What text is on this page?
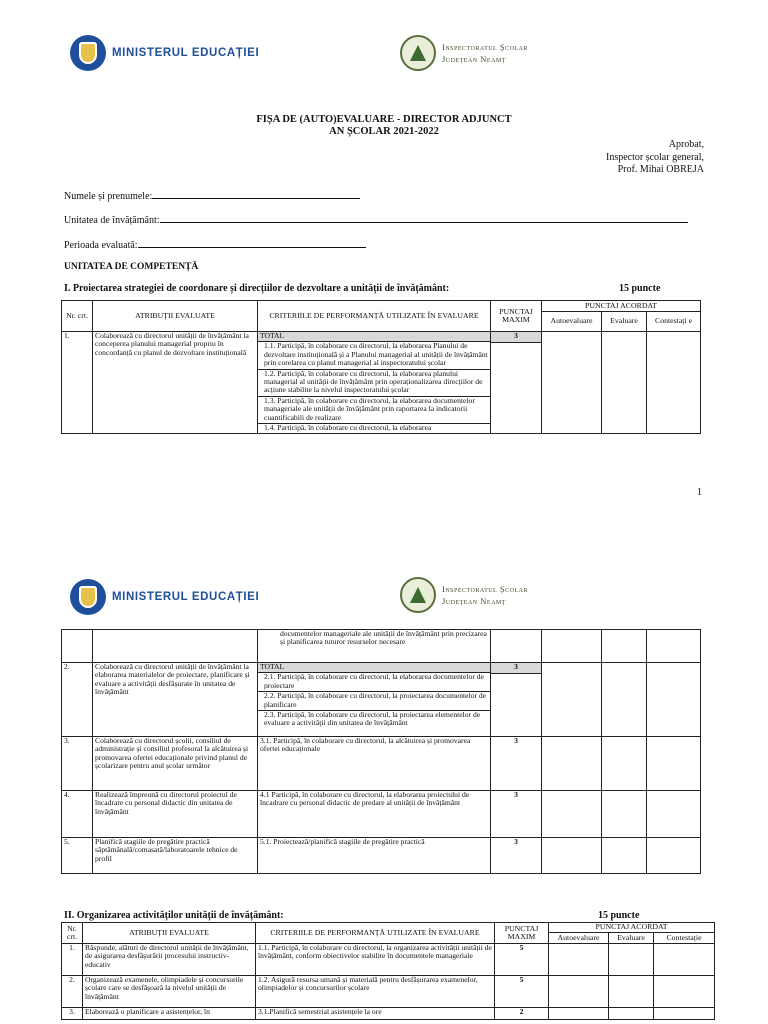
MINISTERUL EDUCAȚIEI	Inspectoratul Școlar
Județean Neamț
FIȘA DE (AUTO)EVALUARE - DIRECTOR ADJUNCT
AN ȘCOLAR 2021-2022
Aprobat,
Inspector școlar general,
Prof. Mihai OBREJA
Numele și prenumele:
Unitatea de învățământ:
Perioada evaluată:
UNITATEA DE COMPETENȚĂ
I. Proiectarea strategiei de coordonare și direcțiilor de dezvoltare a unității de învățământ:	15 puncte
Nr. crt.	ATRIBUȚII EVALUATE	CRITERIILE DE PERFORMANȚĂ UTILIZATE ÎN EVALUARE	PUNCTAJ MAXIM	PUNCTAJ ACORDAT		
				Autoevaluare	Evaluare	Contestați e
1.	Colaborează cu directorul unității de învățământ la conceperea planului managerial propriu în concordanță cu planul de dezvoltare instituțională	TOTAL
1.1. Participă, în colaborare cu directorul, la elaborarea Planului de dezvoltare instituțională și a Planului managerial al unității de învățământ prin corelarea cu planul managerial al inspectoratului școlar
1.2. Participă, în colaborare cu directorul, la elaborarea planului managerial al unității de învățământ prin operaționalizarea direcțiilor de acțiune stabilite la nivelul inspectoratului școlar
1.3. Participă, în colaborare cu directorul, la elaborarea documentelor manageriale ale unității de învățământ prin raportarea la indicatorii cuantificabili de realizare
1.4. Participă, în colaborare cu directorul, la elaborarea	3			

1
MINISTERUL EDUCAȚIEI
Inspectoratul Școlar
Județean Neamț
		documentelor manageriale ale unității de învățământ prin precizarea și planificarea tuturor resurselor necesare				
2.	Colaborează cu directorul unității de învățământ la elaborarea materialelor de proiectare, planificare și evaluare a activității desfășurate în unitatea de învățământ	TOTAL
2.1. Participă, în colaborare cu directorul, la elaborarea documentelor de proiectare
2.2. Participă, în colaborare cu directorul, la proiectarea documentelor de planificare
2.3. Participă, în colaborare cu directorul, la proiectarea elementelor de evaluare a activității din unitatea de învățământ	3			

3.	Colaborează cu directorul școlii, consiliul de administrație și consiliul profesoral la alcătuirea și promovarea ofertei educaționale privind planul de școlarizare pentru anul școlar următor	3.1. Participă, în colaborare cu directorul, la alcătuirea și promovarea ofertei educaționale	3			
4.	Realizează împreună cu directorul proiectul de încadrare cu personal didactic din unitatea de învățământ	4.1 Participă, în colaborare cu directorul, la elaborarea proiectului de încadrare cu personal didactic de predare al unității de învățământ	3			
5.	Planifică stagiile de pregătire practică săptămânală/comasată/laboratoarele tehnice de profil	5.1. Proiectează/planifică stagiile de pregătire practică	3			
II. Organizarea activităților unității de învățământ:	15 puncte
Nr. crt.	ATRIBUȚII EVALUATE	CRITERIILE DE PERFORMANȚĂ UTILIZATE ÎN EVALUARE	PUNCTAJ MAXIM	PUNCTAJ ACORDAT		
				Autoevaluare	Evaluare	Contestație
1.	Răspunde, alături de directorul unității de învățământ, de asigurarea desfășurării procesului instructiv-educativ	1.1. Participă, în colaborare cu directorul, la organizarea activității unității de învățământ, conform obiectivelor stabilite în documentele manageriale	5			
2.	Organizează examenele, olimpiadele și concursurile școlare care se desfășoară la nivelul unității de învățământ	1.2. Asigură resursa umană și materială pentru desfășurarea examenelor, olimpiadelor și concursurilor școlare	5			
3.	Elaborează o planificare a asistențelor, în	3.1.Planifică semestrial asistențele la ore	2			
